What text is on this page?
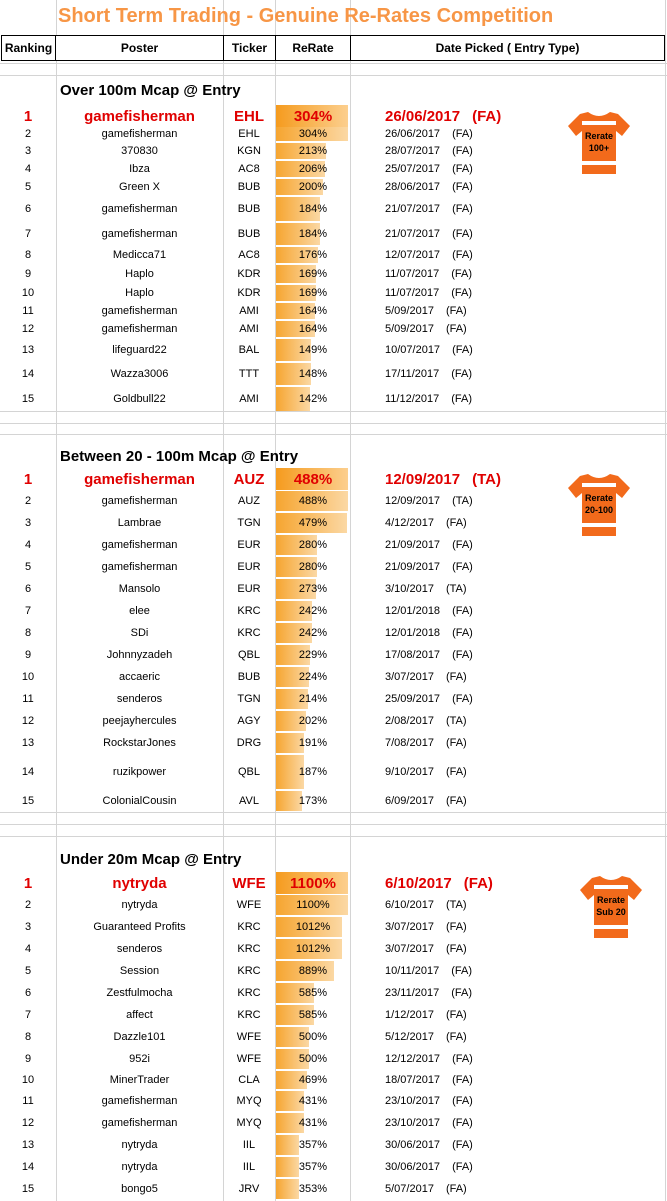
Short Term Trading - Genuine Re-Rates Competition
Ranking	Poster	Ticker	ReRate	Date Picked ( Entry Type)
Over 100m Mcap @ Entry
1	gamefisherman	EHL	304%	26/06/2017 (FA)
2	gamefisherman	EHL	304%	26/06/2017 (FA)
3	370830	KGN	213%	28/07/2017 (FA)
4	Ibza	AC8	206%	25/07/2017 (FA)
5	Green X	BUB	200%	28/06/2017 (FA)
6	gamefisherman	BUB	184%	21/07/2017 (FA)
7	gamefisherman	BUB	184%	21/07/2017 (FA)
8	Medicca71	AC8	176%	12/07/2017 (FA)
9	Haplo	KDR	169%	11/07/2017 (FA)
10	Haplo	KDR	169%	11/07/2017 (FA)
11	gamefisherman	AMI	164%	5/09/2017 (FA)
12	gamefisherman	AMI	164%	5/09/2017 (FA)
13	lifeguard22	BAL	149%	10/07/2017 (FA)
14	Wazza3006	TTT	148%	17/11/2017 (FA)
15	Goldbull22	AMI	142%	11/12/2017 (FA)
Rerate
100+
Between 20 - 100m Mcap @ Entry
1	gamefisherman	AUZ	488%	12/09/2017 (TA)
2	gamefisherman	AUZ	488%	12/09/2017 (TA)
3	Lambrae	TGN	479%	4/12/2017 (FA)
4	gamefisherman	EUR	280%	21/09/2017 (FA)
5	gamefisherman	EUR	280%	21/09/2017 (FA)
6	Mansolo	EUR	273%	3/10/2017 (TA)
7	elee	KRC	242%	12/01/2018 (FA)
8	SDi	KRC	242%	12/01/2018 (FA)
9	Johnnyzadeh	QBL	229%	17/08/2017 (FA)
10	accaeric	BUB	224%	3/07/2017 (FA)
11	senderos	TGN	214%	25/09/2017 (FA)
12	peejayhercules	AGY	202%	2/08/2017 (TA)
13	RockstarJones	DRG	191%	7/08/2017 (FA)
14	ruzikpower	QBL	187%	9/10/2017 (FA)
15	ColonialCousin	AVL	173%	6/09/2017 (FA)
Rerate
20-100
Under 20m Mcap @ Entry
1	nytryda	WFE	1100%	6/10/2017 (FA)
2	nytryda	WFE	1100%	6/10/2017 (TA)
3	Guaranteed Profits	KRC	1012%	3/07/2017 (FA)
4	senderos	KRC	1012%	3/07/2017 (FA)
5	Session	KRC	889%	10/11/2017 (FA)
6	Zestfulmocha	KRC	585%	23/11/2017 (FA)
7	affect	KRC	585%	1/12/2017 (FA)
8	Dazzle101	WFE	500%	5/12/2017 (FA)
9	952i	WFE	500%	12/12/2017 (FA)
10	MinerTrader	CLA	469%	18/07/2017 (FA)
11	gamefisherman	MYQ	431%	23/10/2017 (FA)
12	gamefisherman	MYQ	431%	23/10/2017 (FA)
13	nytryda	IIL	357%	30/06/2017 (FA)
14	nytryda	IIL	357%	30/06/2017 (FA)
15	bongo5	JRV	353%	5/07/2017 (FA)
Rerate
Sub 20
